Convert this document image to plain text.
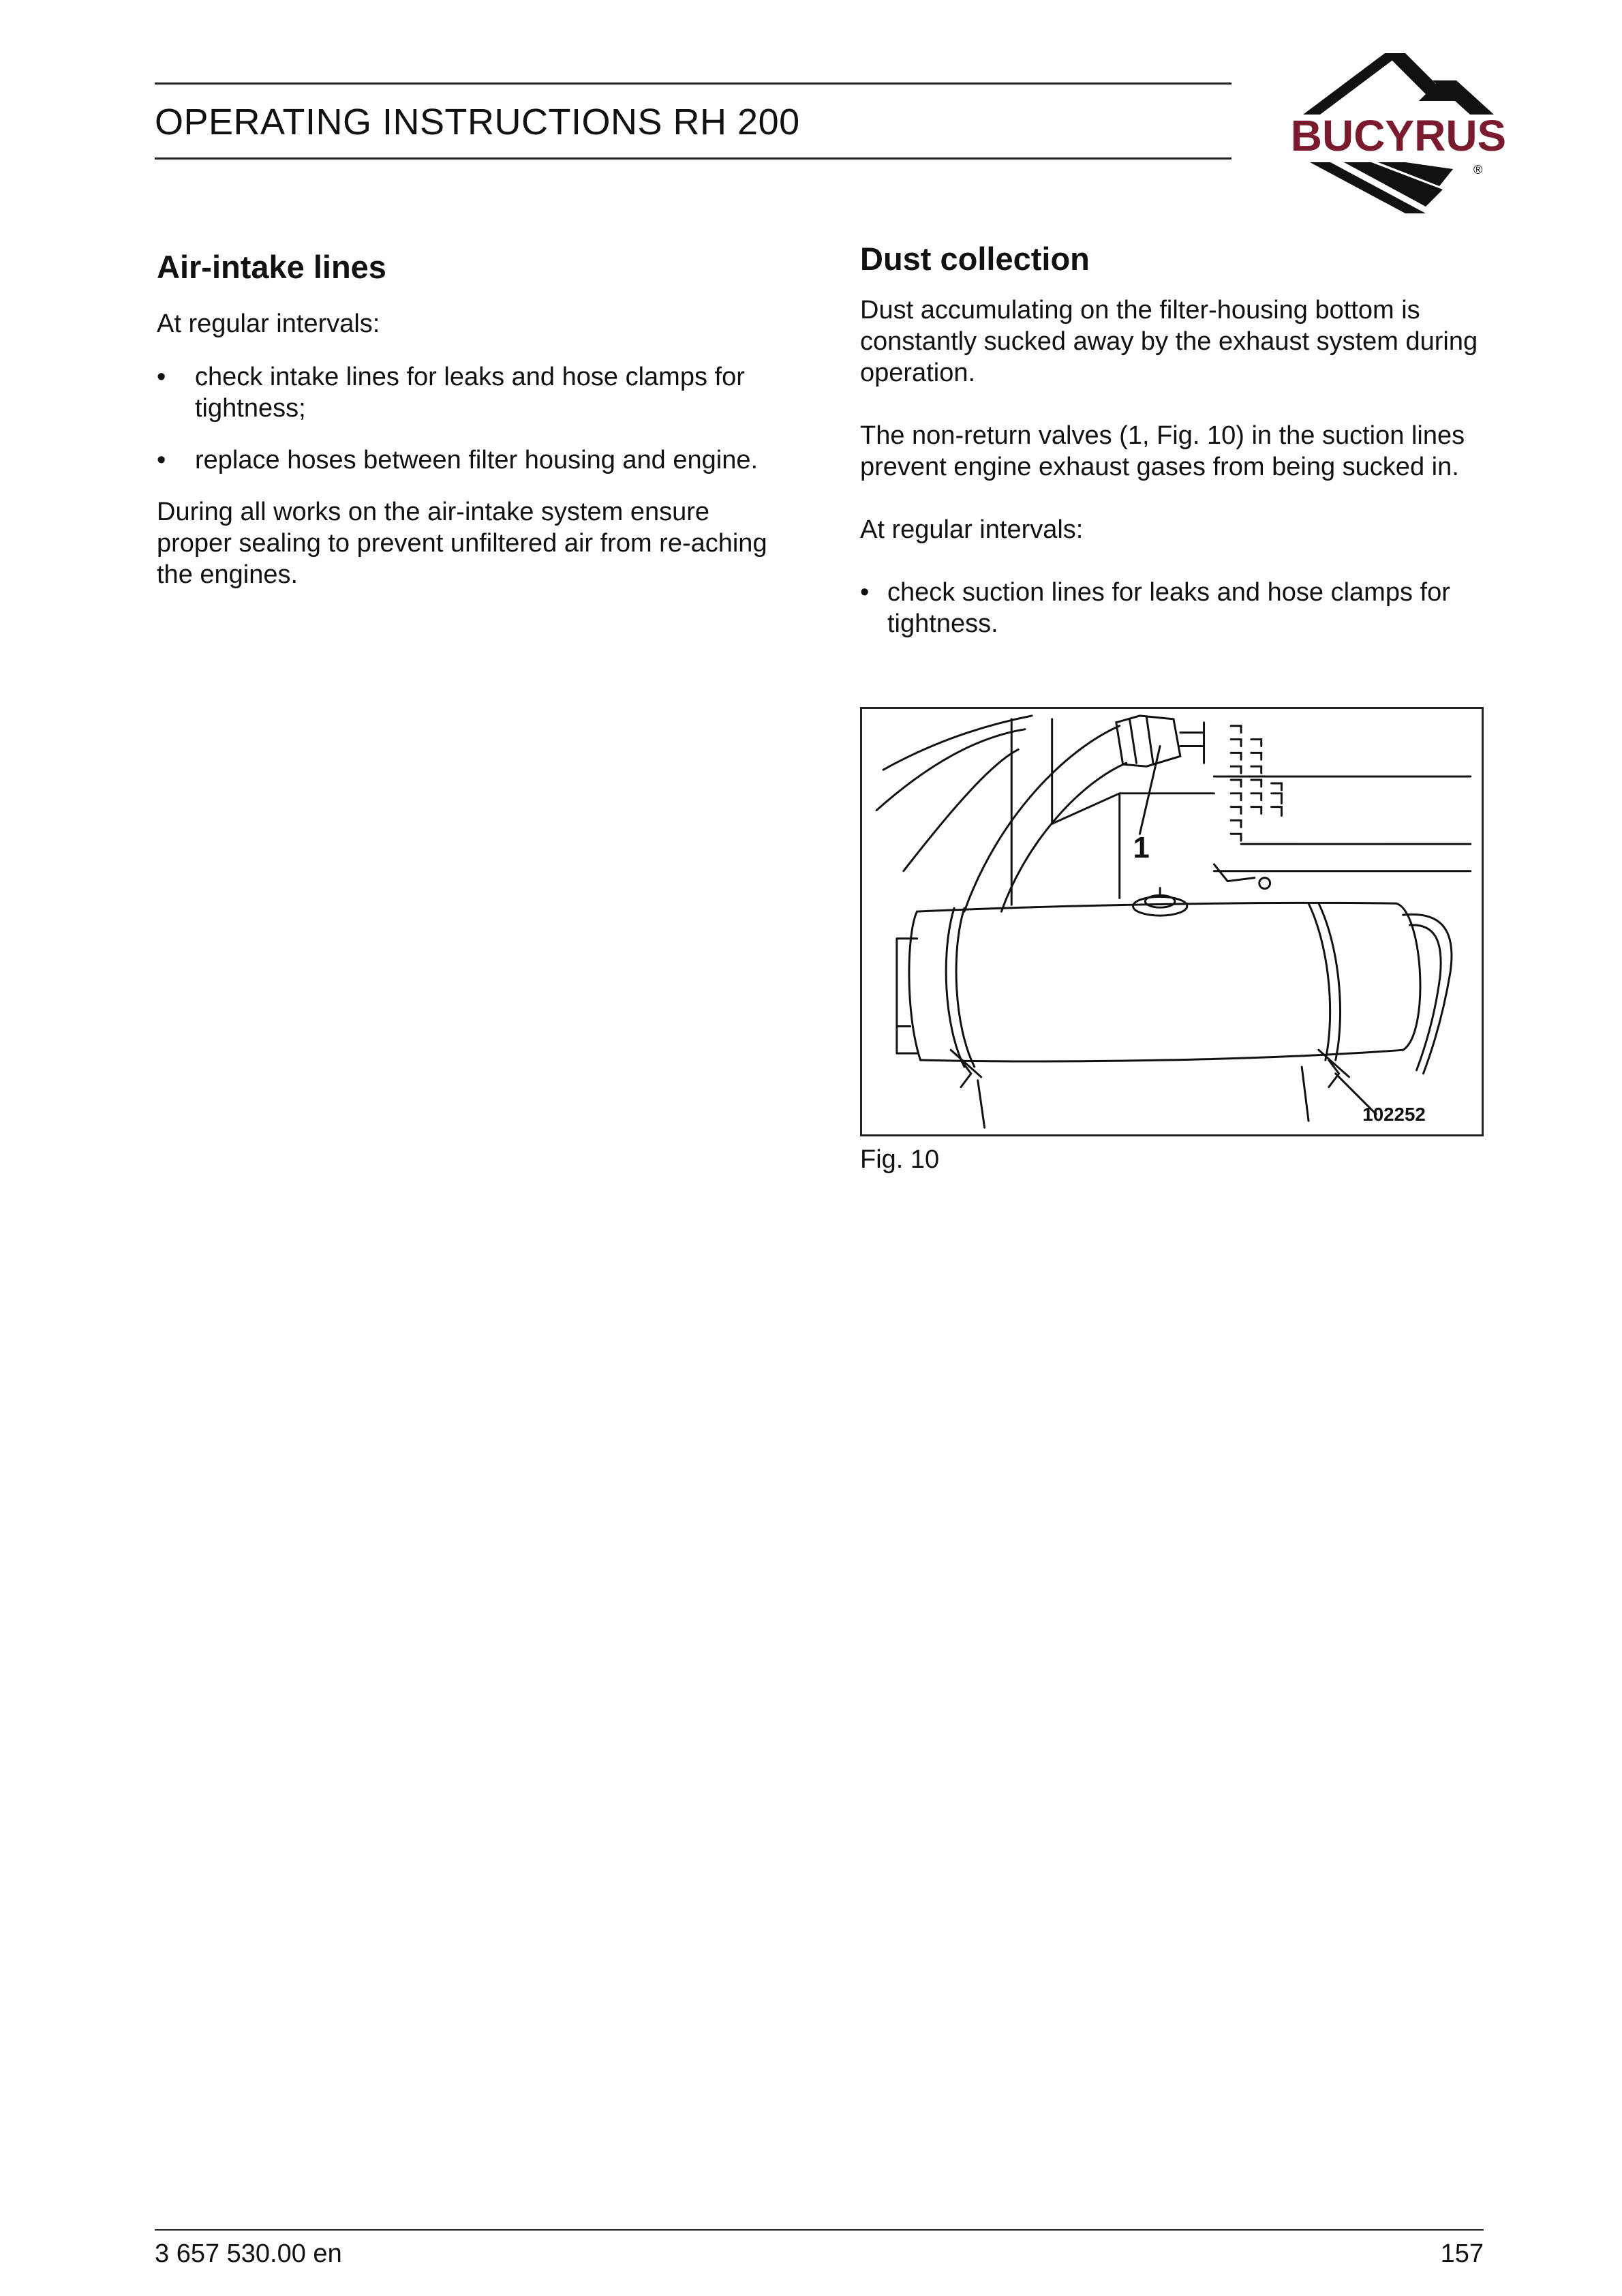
OPERATING INSTRUCTIONS RH 200	BUCYRUS
®
Air-intake lines

At regular intervals:

•	check intake lines for leaks and hose clamps for tightness;
•	replace hoses between filter housing and engine.

During all works on the air-intake system ensure proper sealing to prevent unfiltered air from re-aching the engines.

Dust collection

Dust accumulating on the filter-housing bottom is constantly sucked away by the exhaust system during operation.

The non-return valves (1, Fig. 10) in the suction lines prevent engine exhaust gases from being sucked in.

At regular intervals:

• check suction lines for leaks and hose clamps for tightness.
1
102252
Fig. 10
3 657 530.00 en	157
